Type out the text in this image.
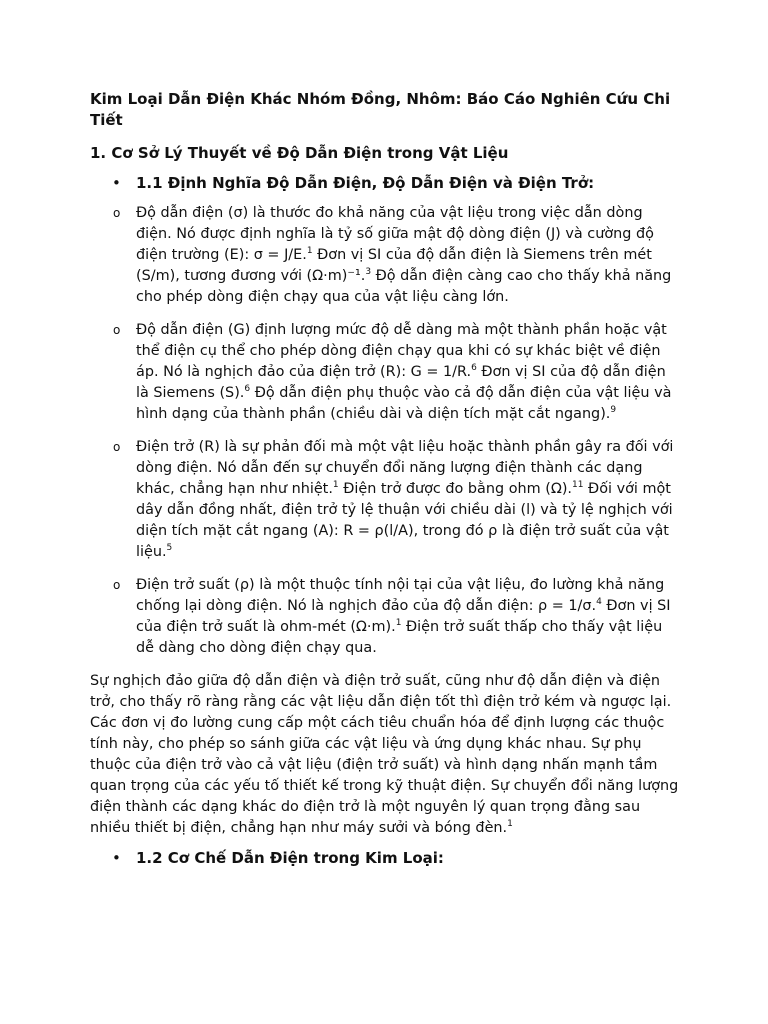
Kim Loại Dẫn Điện Khác Nhóm Đồng, Nhôm: Báo Cáo Nghiên Cứu Chi Tiết
1. Cơ Sở Lý Thuyết về Độ Dẫn Điện trong Vật Liệu
• 1.1 Định Nghĩa Độ Dẫn Điện, Độ Dẫn Điện và Điện Trở:
o Độ dẫn điện (σ) là thước đo khả năng của vật liệu trong việc dẫn dòng điện. Nó được định nghĩa là tỷ số giữa mật độ dòng điện (J) và cường độ điện trường (E): σ = J/E.$^1$ Đơn vị SI của độ dẫn điện là Siemens trên mét (S/m), tương đương với (Ω·m)⁻¹.$^3$ Độ dẫn điện càng cao cho thấy khả năng cho phép dòng điện chạy qua của vật liệu càng lớn.
o Độ dẫn điện (G) định lượng mức độ dễ dàng mà một thành phần hoặc vật thể điện cụ thể cho phép dòng điện chạy qua khi có sự khác biệt về điện áp. Nó là nghịch đảo của điện trở (R): G = 1/R.$^6$ Đơn vị SI của độ dẫn điện là Siemens (S).$^6$ Độ dẫn điện phụ thuộc vào cả độ dẫn điện của vật liệu và hình dạng của thành phần (chiều dài và diện tích mặt cắt ngang).$^9$
o Điện trở (R) là sự phản đối mà một vật liệu hoặc thành phần gây ra đối với dòng điện. Nó dẫn đến sự chuyển đổi năng lượng điện thành các dạng khác, chẳng hạn như nhiệt.$^1$ Điện trở được đo bằng ohm (Ω).$^{11}$ Đối với một dây dẫn đồng nhất, điện trở tỷ lệ thuận với chiều dài (l) và tỷ lệ nghịch với diện tích mặt cắt ngang (A): R = ρ(l/A), trong đó ρ là điện trở suất của vật liệu.$^5$
o Điện trở suất (ρ) là một thuộc tính nội tại của vật liệu, đo lường khả năng chống lại dòng điện. Nó là nghịch đảo của độ dẫn điện: ρ = 1/σ.$^4$ Đơn vị SI của điện trở suất là ohm-mét (Ω·m).$^1$ Điện trở suất thấp cho thấy vật liệu dễ dàng cho dòng điện chạy qua.

Sự nghịch đảo giữa độ dẫn điện và điện trở suất, cũng như độ dẫn điện và điện trở, cho thấy rõ ràng rằng các vật liệu dẫn điện tốt thì điện trở kém và ngược lại. Các đơn vị đo lường cung cấp một cách tiêu chuẩn hóa để định lượng các thuộc tính này, cho phép so sánh giữa các vật liệu và ứng dụng khác nhau. Sự phụ thuộc của điện trở vào cả vật liệu (điện trở suất) và hình dạng nhấn mạnh tầm quan trọng của các yếu tố thiết kế trong kỹ thuật điện. Sự chuyển đổi năng lượng điện thành các dạng khác do điện trở là một nguyên lý quan trọng đằng sau nhiều thiết bị điện, chẳng hạn như máy sưởi và bóng đèn.$^1$

• 1.2 Cơ Chế Dẫn Điện trong Kim Loại:
